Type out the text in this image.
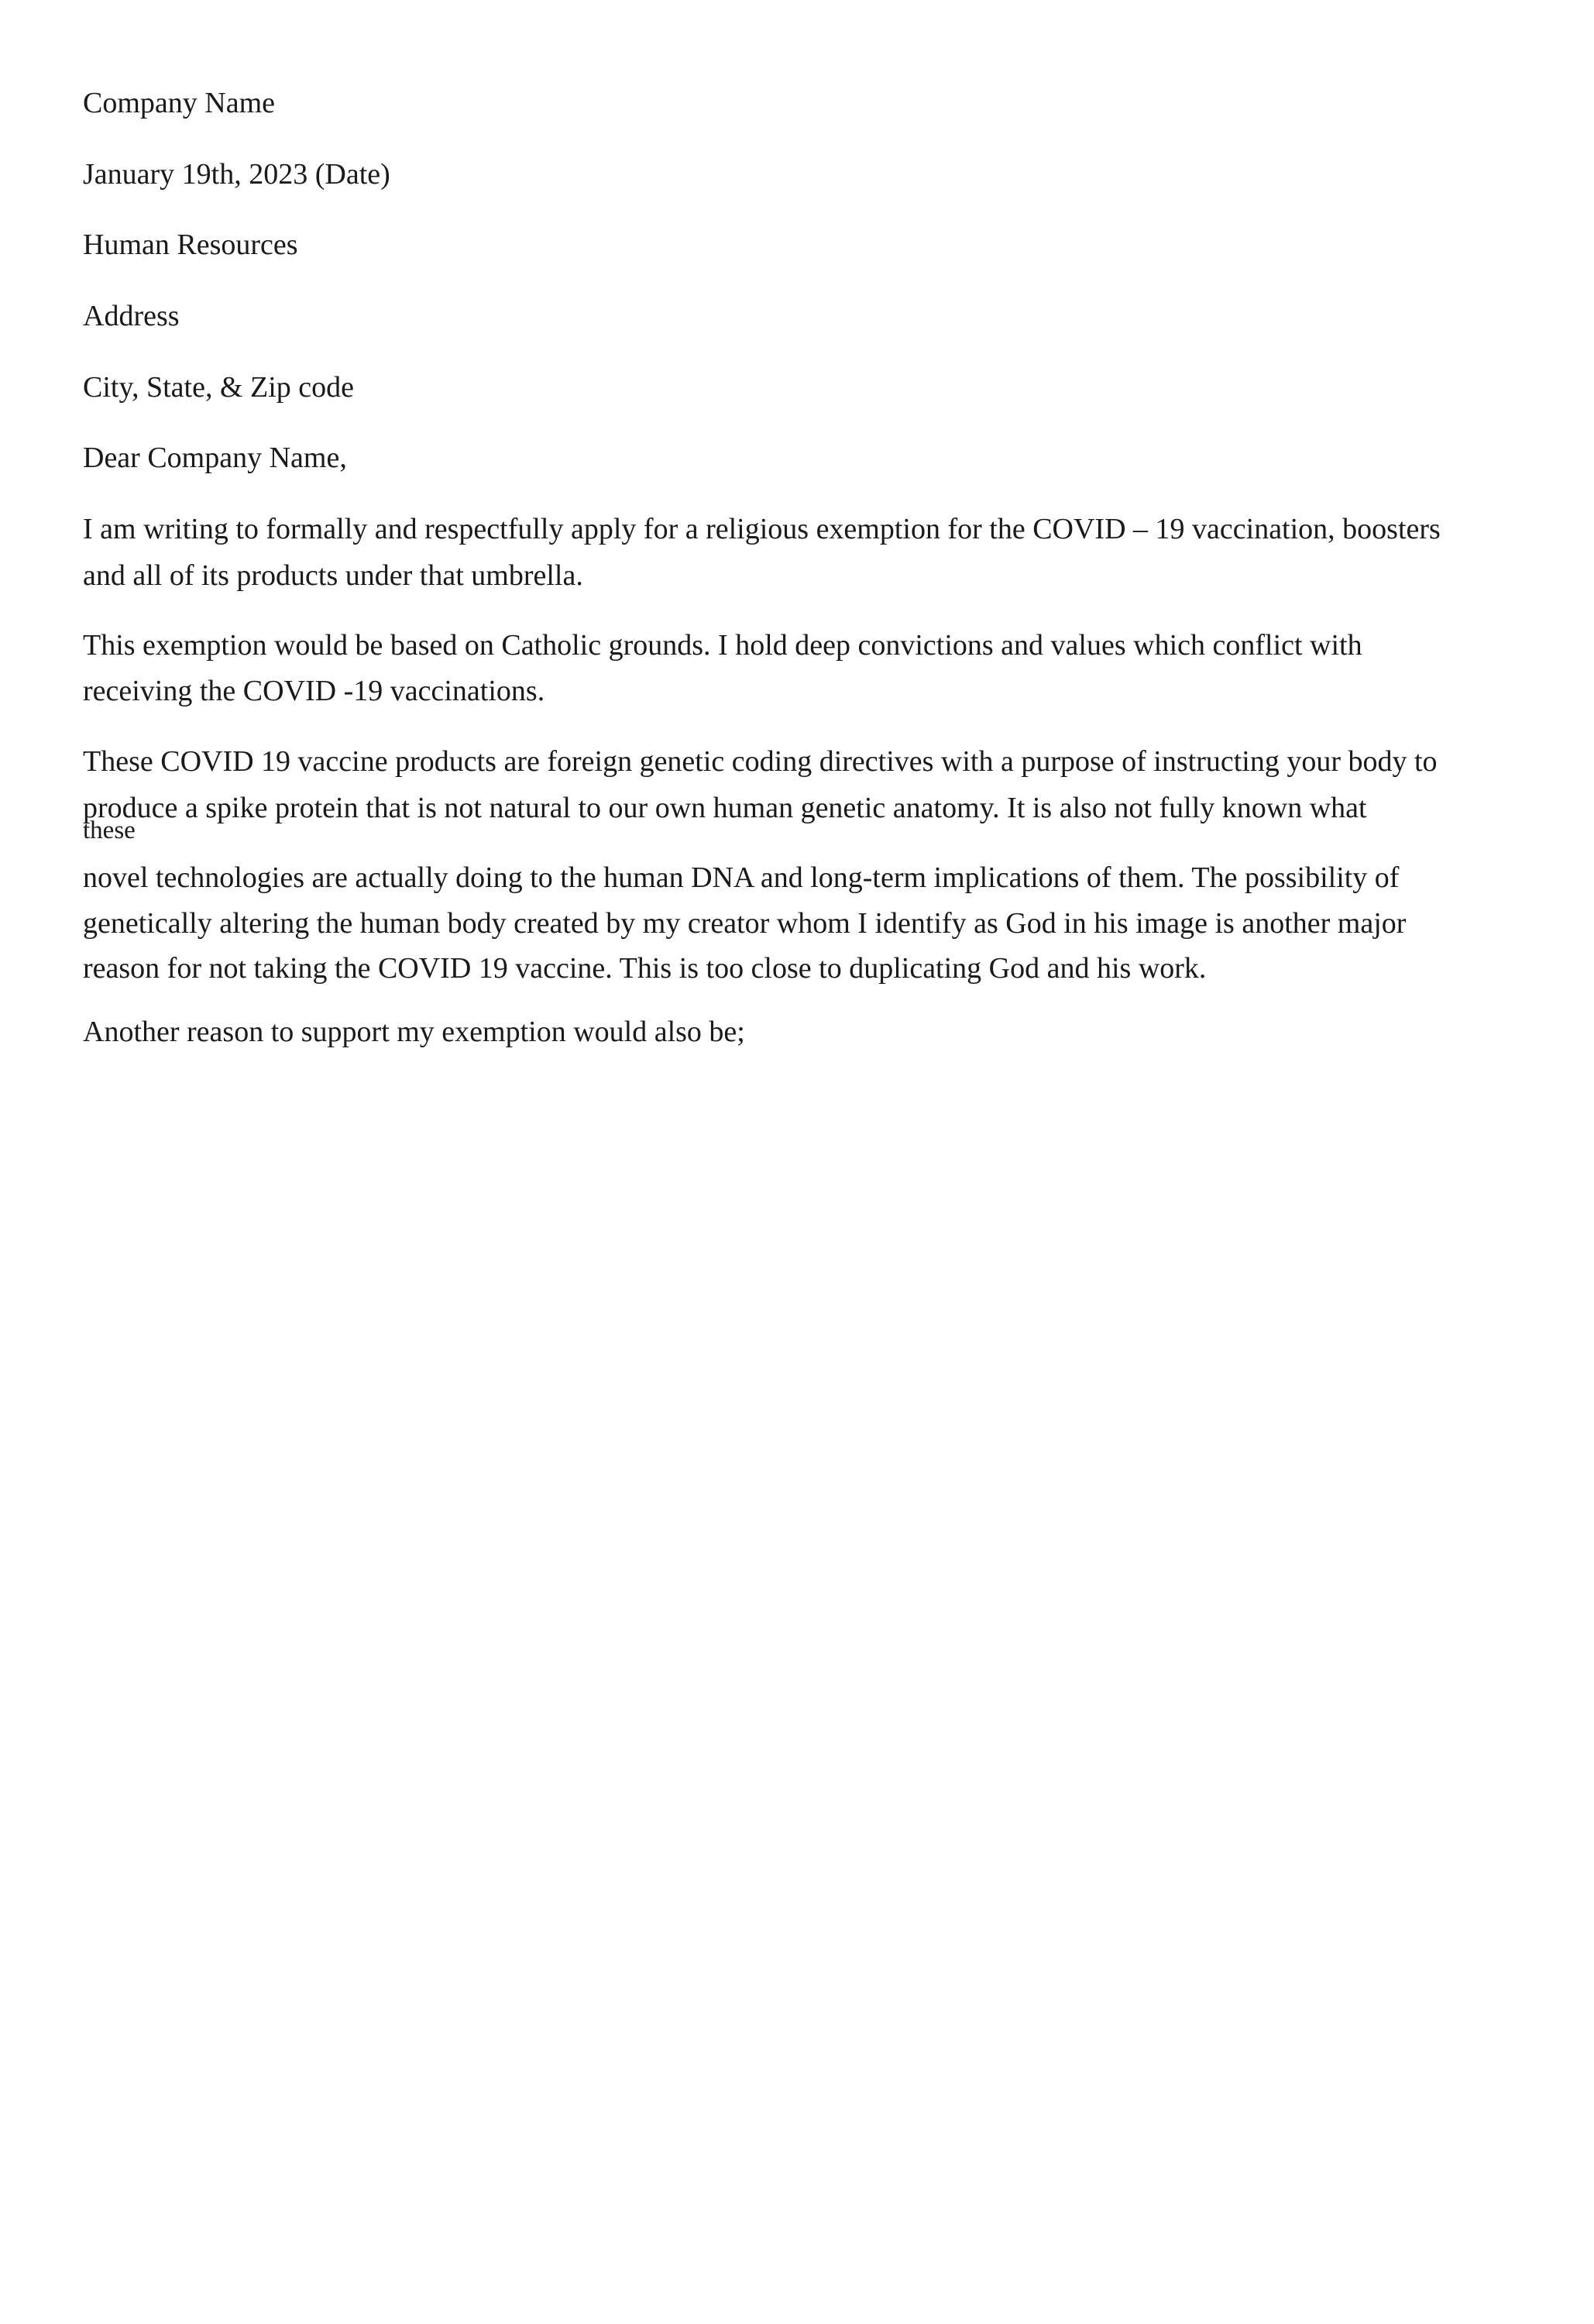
Company Name
January 19th, 2023 (Date)
Human Resources
Address
City, State, & Zip code
Dear Company Name,
I am writing to formally and respectfully apply for a religious exemption for the COVID – 19 vaccination, boosters
and all of its products under that umbrella.
This exemption would be based on Catholic grounds. I hold deep convictions and values which conflict with
receiving the COVID -19 vaccinations.
These COVID 19 vaccine products are foreign genetic coding directives with a purpose of instructing your body to
produce a spike protein that is not natural to our own human genetic anatomy. It is also not fully known what
these
novel technologies are actually doing to the human DNA and long-term implications of them. The possibility of
genetically altering the human body created by my creator whom I identify as God in his image is another major
reason for not taking the COVID 19 vaccine. This is too close to duplicating God and his work.
Another reason to support my exemption would also be;
